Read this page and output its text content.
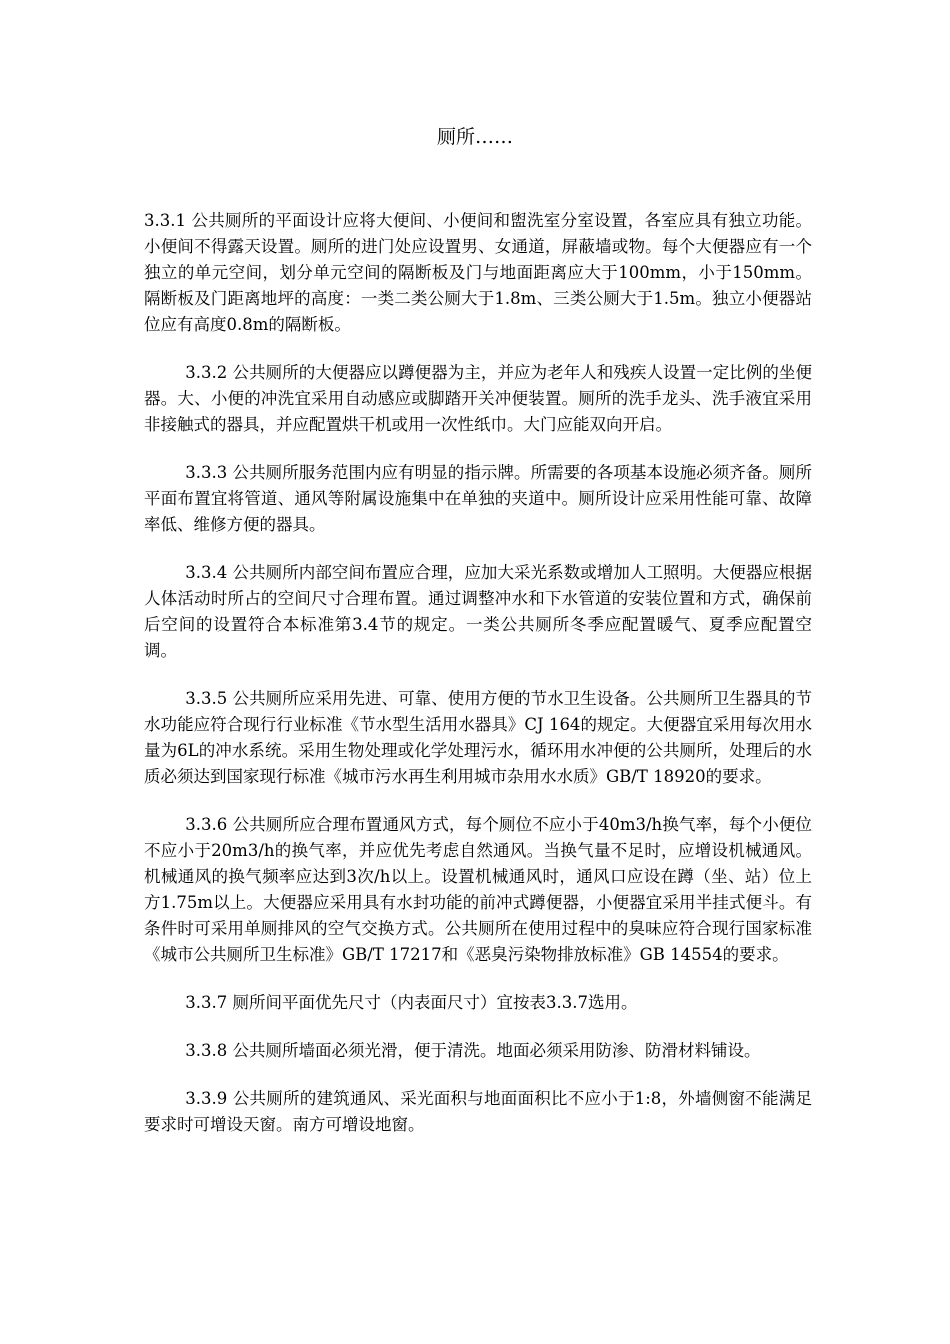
厕所……

3.3.1 公共厕所的平面设计应将大便间、小便间和盥洗室分室设置，各室应具有独立功能。小便间不得露天设置。厕所的进门处应设置男、女通道，屏蔽墙或物。每个大便器应有一个独立的单元空间，划分单元空间的隔断板及门与地面距离应大于100mm，小于150mm。隔断板及门距离地坪的高度：一类二类公厕大于1.8m、三类公厕大于1.5m。独立小便器站位应有高度0.8m的隔断板。

3.3.2 公共厕所的大便器应以蹲便器为主，并应为老年人和残疾人设置一定比例的坐便器。大、小便的冲洗宜采用自动感应或脚踏开关冲便装置。厕所的洗手龙头、洗手液宜采用非接触式的器具，并应配置烘干机或用一次性纸巾。大门应能双向开启。

3.3.3 公共厕所服务范围内应有明显的指示牌。所需要的各项基本设施必须齐备。厕所平面布置宜将管道、通风等附属设施集中在单独的夹道中。厕所设计应采用性能可靠、故障率低、维修方便的器具。

3.3.4 公共厕所内部空间布置应合理，应加大采光系数或增加人工照明。大便器应根据人体活动时所占的空间尺寸合理布置。通过调整冲水和下水管道的安装位置和方式，确保前后空间的设置符合本标准第3.4节的规定。一类公共厕所冬季应配置暖气、夏季应配置空调。

3.3.5 公共厕所应采用先进、可靠、使用方便的节水卫生设备。公共厕所卫生器具的节水功能应符合现行行业标准《节水型生活用水器具》CJ 164的规定。大便器宜采用每次用水量为6L的冲水系统。采用生物处理或化学处理污水，循环用水冲便的公共厕所，处理后的水质必须达到国家现行标准《城市污水再生利用城市杂用水水质》GB/T 18920的要求。

3.3.6 公共厕所应合理布置通风方式，每个厕位不应小于40m3/h换气率，每个小便位不应小于20m3/h的换气率，并应优先考虑自然通风。当换气量不足时，应增设机械通风。机械通风的换气频率应达到3次/h以上。设置机械通风时，通风口应设在蹲（坐、站）位上方1.75m以上。大便器应采用具有水封功能的前冲式蹲便器，小便器宜采用半挂式便斗。有条件时可采用单厕排风的空气交换方式。公共厕所在使用过程中的臭味应符合现行国家标准《城市公共厕所卫生标准》GB/T 17217和《恶臭污染物排放标准》GB 14554的要求。

3.3.7 厕所间平面优先尺寸（内表面尺寸）宜按表3.3.7选用。

3.3.8 公共厕所墙面必须光滑，便于清洗。地面必须采用防渗、防滑材料铺设。

3.3.9 公共厕所的建筑通风、采光面积与地面面积比不应小于1:8，外墙侧窗不能满足要求时可增设天窗。南方可增设地窗。
